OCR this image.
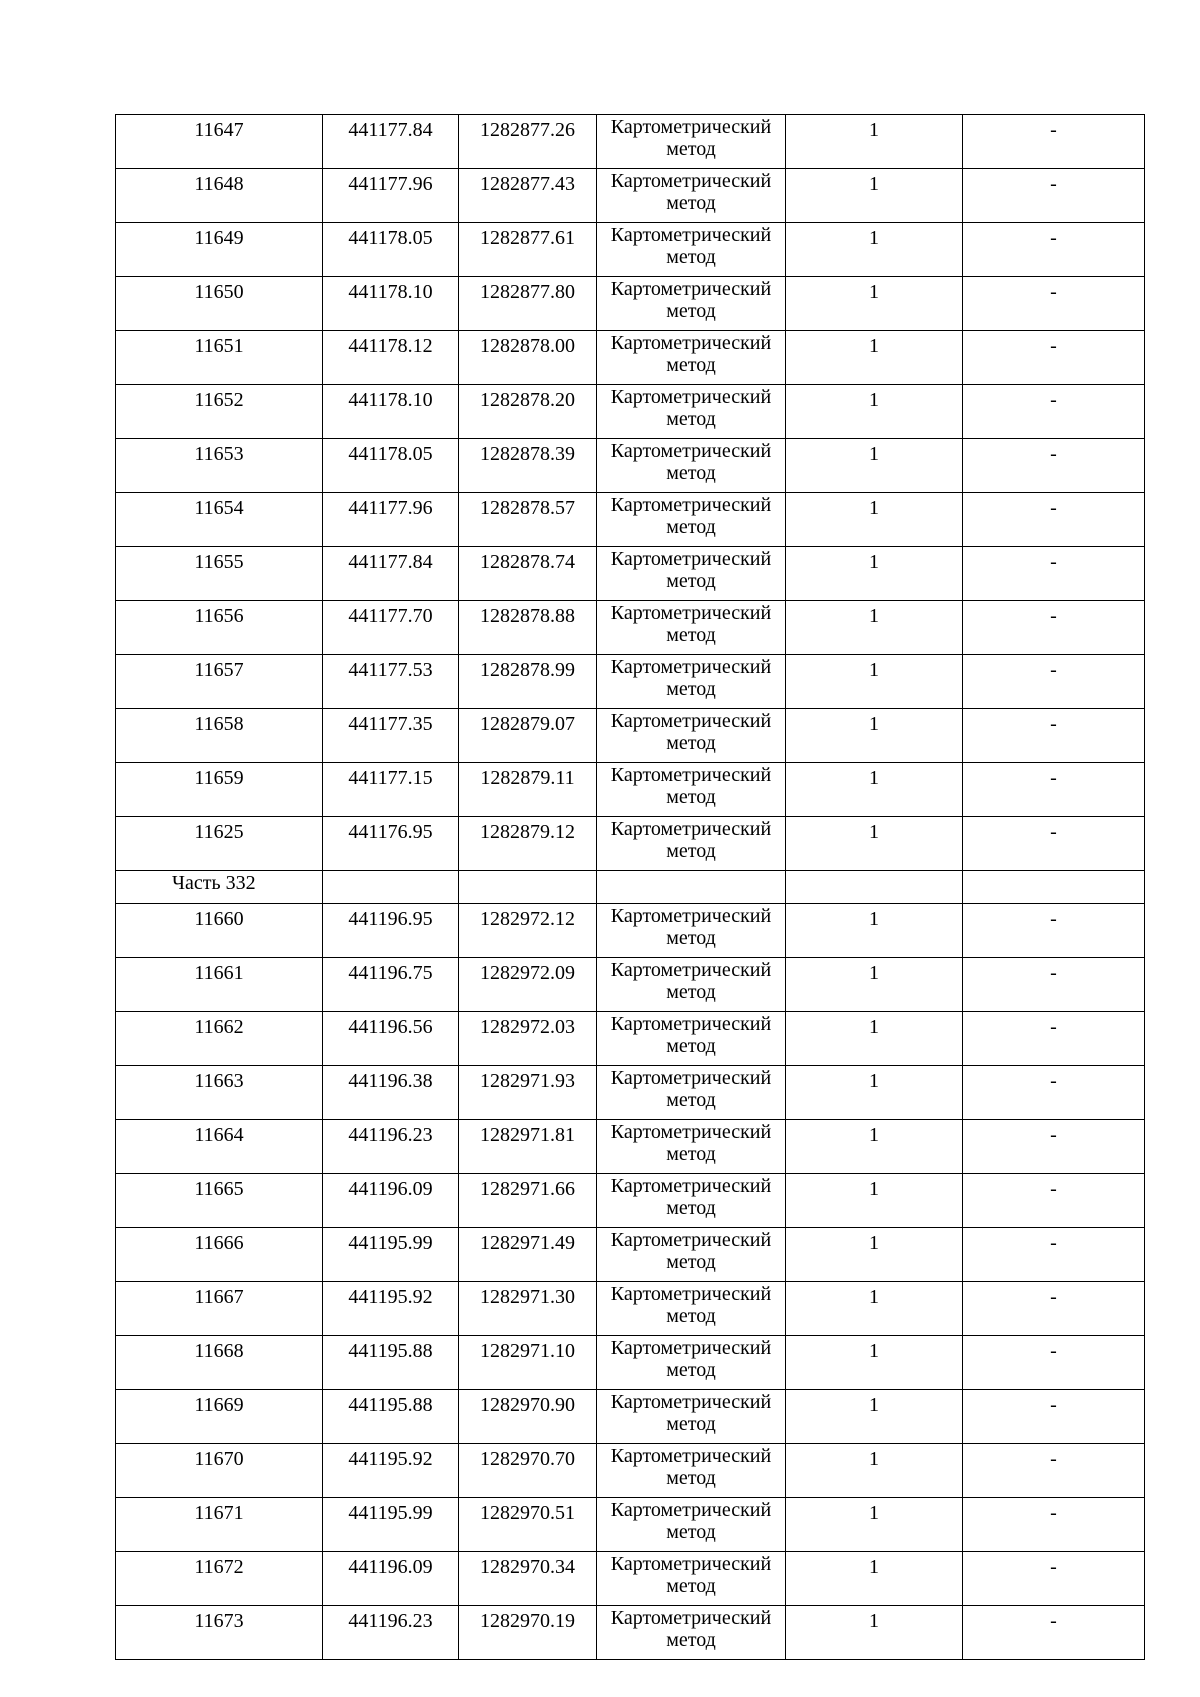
11647	441177.84	1282877.26	Картометрический метод	1	-
11648	441177.96	1282877.43	Картометрический метод	1	-
11649	441178.05	1282877.61	Картометрический метод	1	-
11650	441178.10	1282877.80	Картометрический метод	1	-
11651	441178.12	1282878.00	Картометрический метод	1	-
11652	441178.10	1282878.20	Картометрический метод	1	-
11653	441178.05	1282878.39	Картометрический метод	1	-
11654	441177.96	1282878.57	Картометрический метод	1	-
11655	441177.84	1282878.74	Картометрический метод	1	-
11656	441177.70	1282878.88	Картометрический метод	1	-
11657	441177.53	1282878.99	Картометрический метод	1	-
11658	441177.35	1282879.07	Картометрический метод	1	-
11659	441177.15	1282879.11	Картометрический метод	1	-
11625	441176.95	1282879.12	Картометрический метод	1	-
Часть 332					
11660	441196.95	1282972.12	Картометрический метод	1	-
11661	441196.75	1282972.09	Картометрический метод	1	-
11662	441196.56	1282972.03	Картометрический метод	1	-
11663	441196.38	1282971.93	Картометрический метод	1	-
11664	441196.23	1282971.81	Картометрический метод	1	-
11665	441196.09	1282971.66	Картометрический метод	1	-
11666	441195.99	1282971.49	Картометрический метод	1	-
11667	441195.92	1282971.30	Картометрический метод	1	-
11668	441195.88	1282971.10	Картометрический метод	1	-
11669	441195.88	1282970.90	Картометрический метод	1	-
11670	441195.92	1282970.70	Картометрический метод	1	-
11671	441195.99	1282970.51	Картометрический метод	1	-
11672	441196.09	1282970.34	Картометрический метод	1	-
11673	441196.23	1282970.19	Картометрический метод	1	-
